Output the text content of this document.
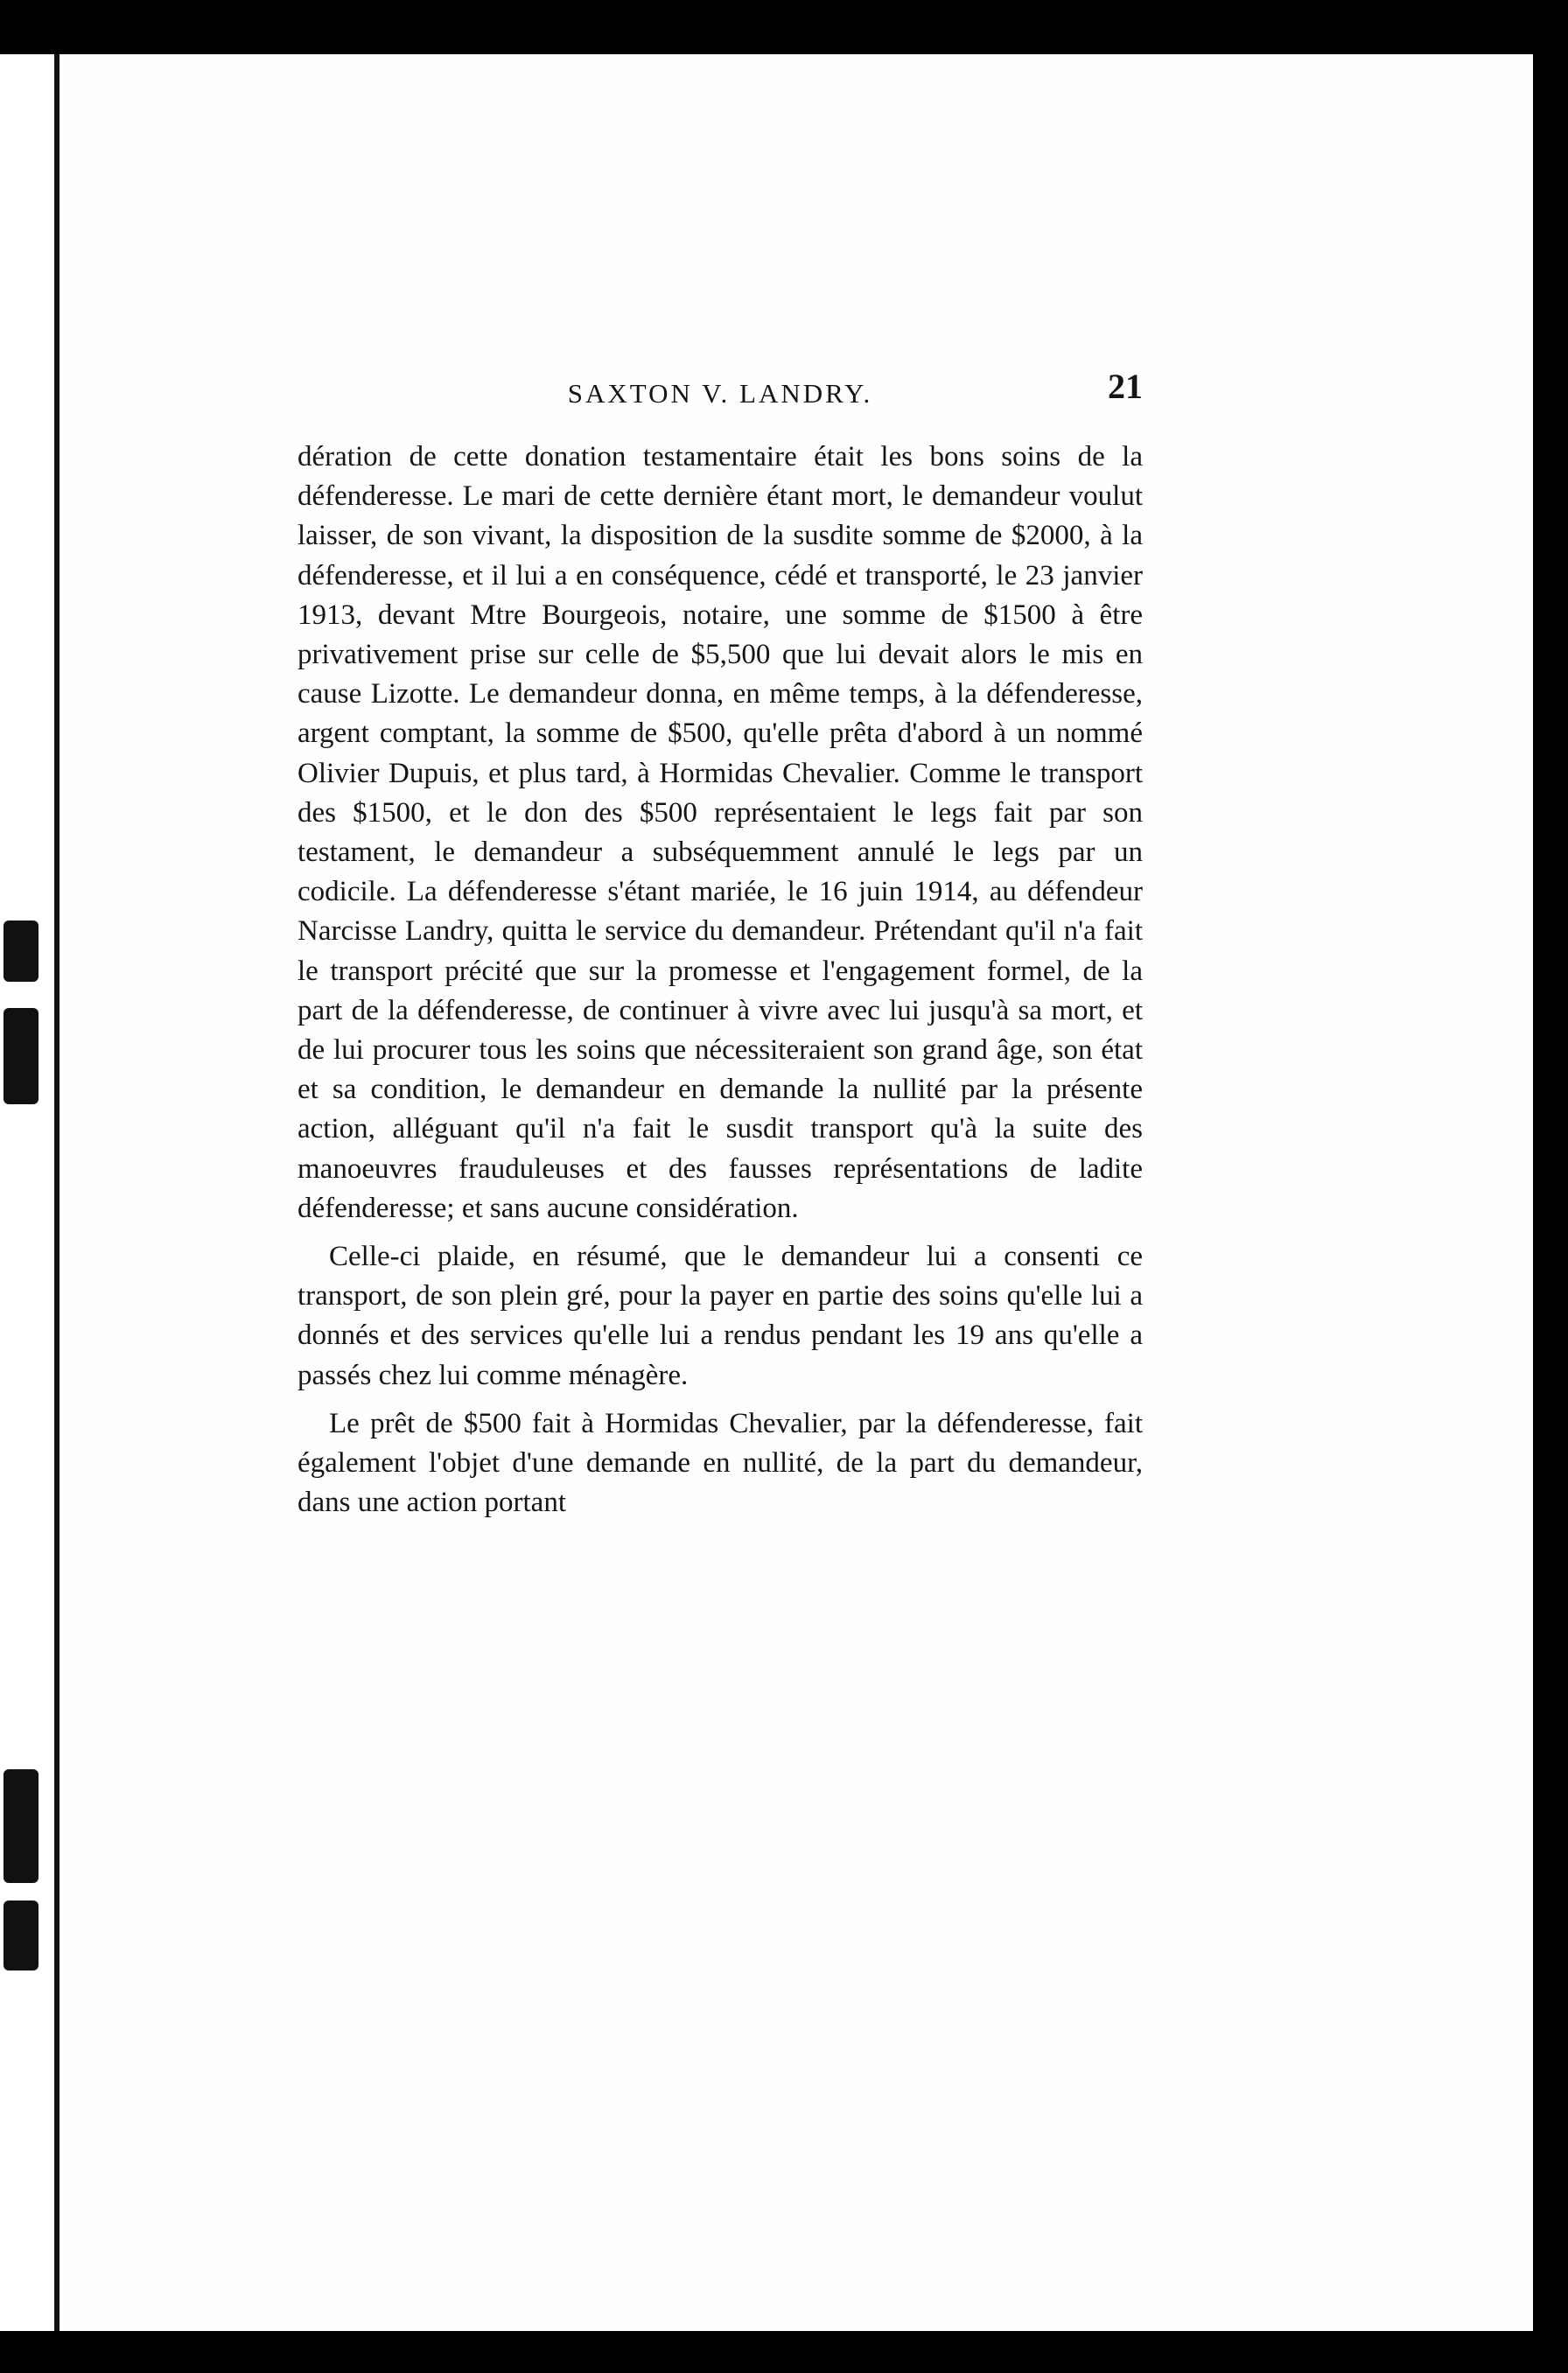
SAXTON V. LANDRY.	21

dération de cette donation testamentaire était les bons soins de la défenderesse. Le mari de cette dernière étant mort, le demandeur voulut laisser, de son vivant, la disposition de la susdite somme de $2000, à la défenderesse, et il lui a en conséquence, cédé et transporté, le 23 janvier 1913, devant Mtre Bourgeois, notaire, une somme de $1500 à être privativement prise sur celle de $5,500 que lui devait alors le mis en cause Lizotte. Le demandeur donna, en même temps, à la défenderesse, argent comptant, la somme de $500, qu'elle prêta d'abord à un nommé Olivier Dupuis, et plus tard, à Hormidas Chevalier. Comme le transport des $1500, et le don des $500 représentaient le legs fait par son testament, le demandeur a subséquemment annulé le legs par un codicile. La défenderesse s'étant mariée, le 16 juin 1914, au défendeur Narcisse Landry, quitta le service du demandeur. Prétendant qu'il n'a fait le transport précité que sur la promesse et l'engagement formel, de la part de la défenderesse, de continuer à vivre avec lui jusqu'à sa mort, et de lui procurer tous les soins que nécessiteraient son grand âge, son état et sa condition, le demandeur en demande la nullité par la présente action, alléguant qu'il n'a fait le susdit transport qu'à la suite des manoeuvres frauduleuses et des fausses représentations de ladite défenderesse; et sans aucune considération.

Celle-ci plaide, en résumé, que le demandeur lui a consenti ce transport, de son plein gré, pour la payer en partie des soins qu'elle lui a donnés et des services qu'elle lui a rendus pendant les 19 ans qu'elle a passés chez lui comme ménagère.

Le prêt de $500 fait à Hormidas Chevalier, par la défenderesse, fait également l'objet d'une demande en nullité, de la part du demandeur, dans une action portant
